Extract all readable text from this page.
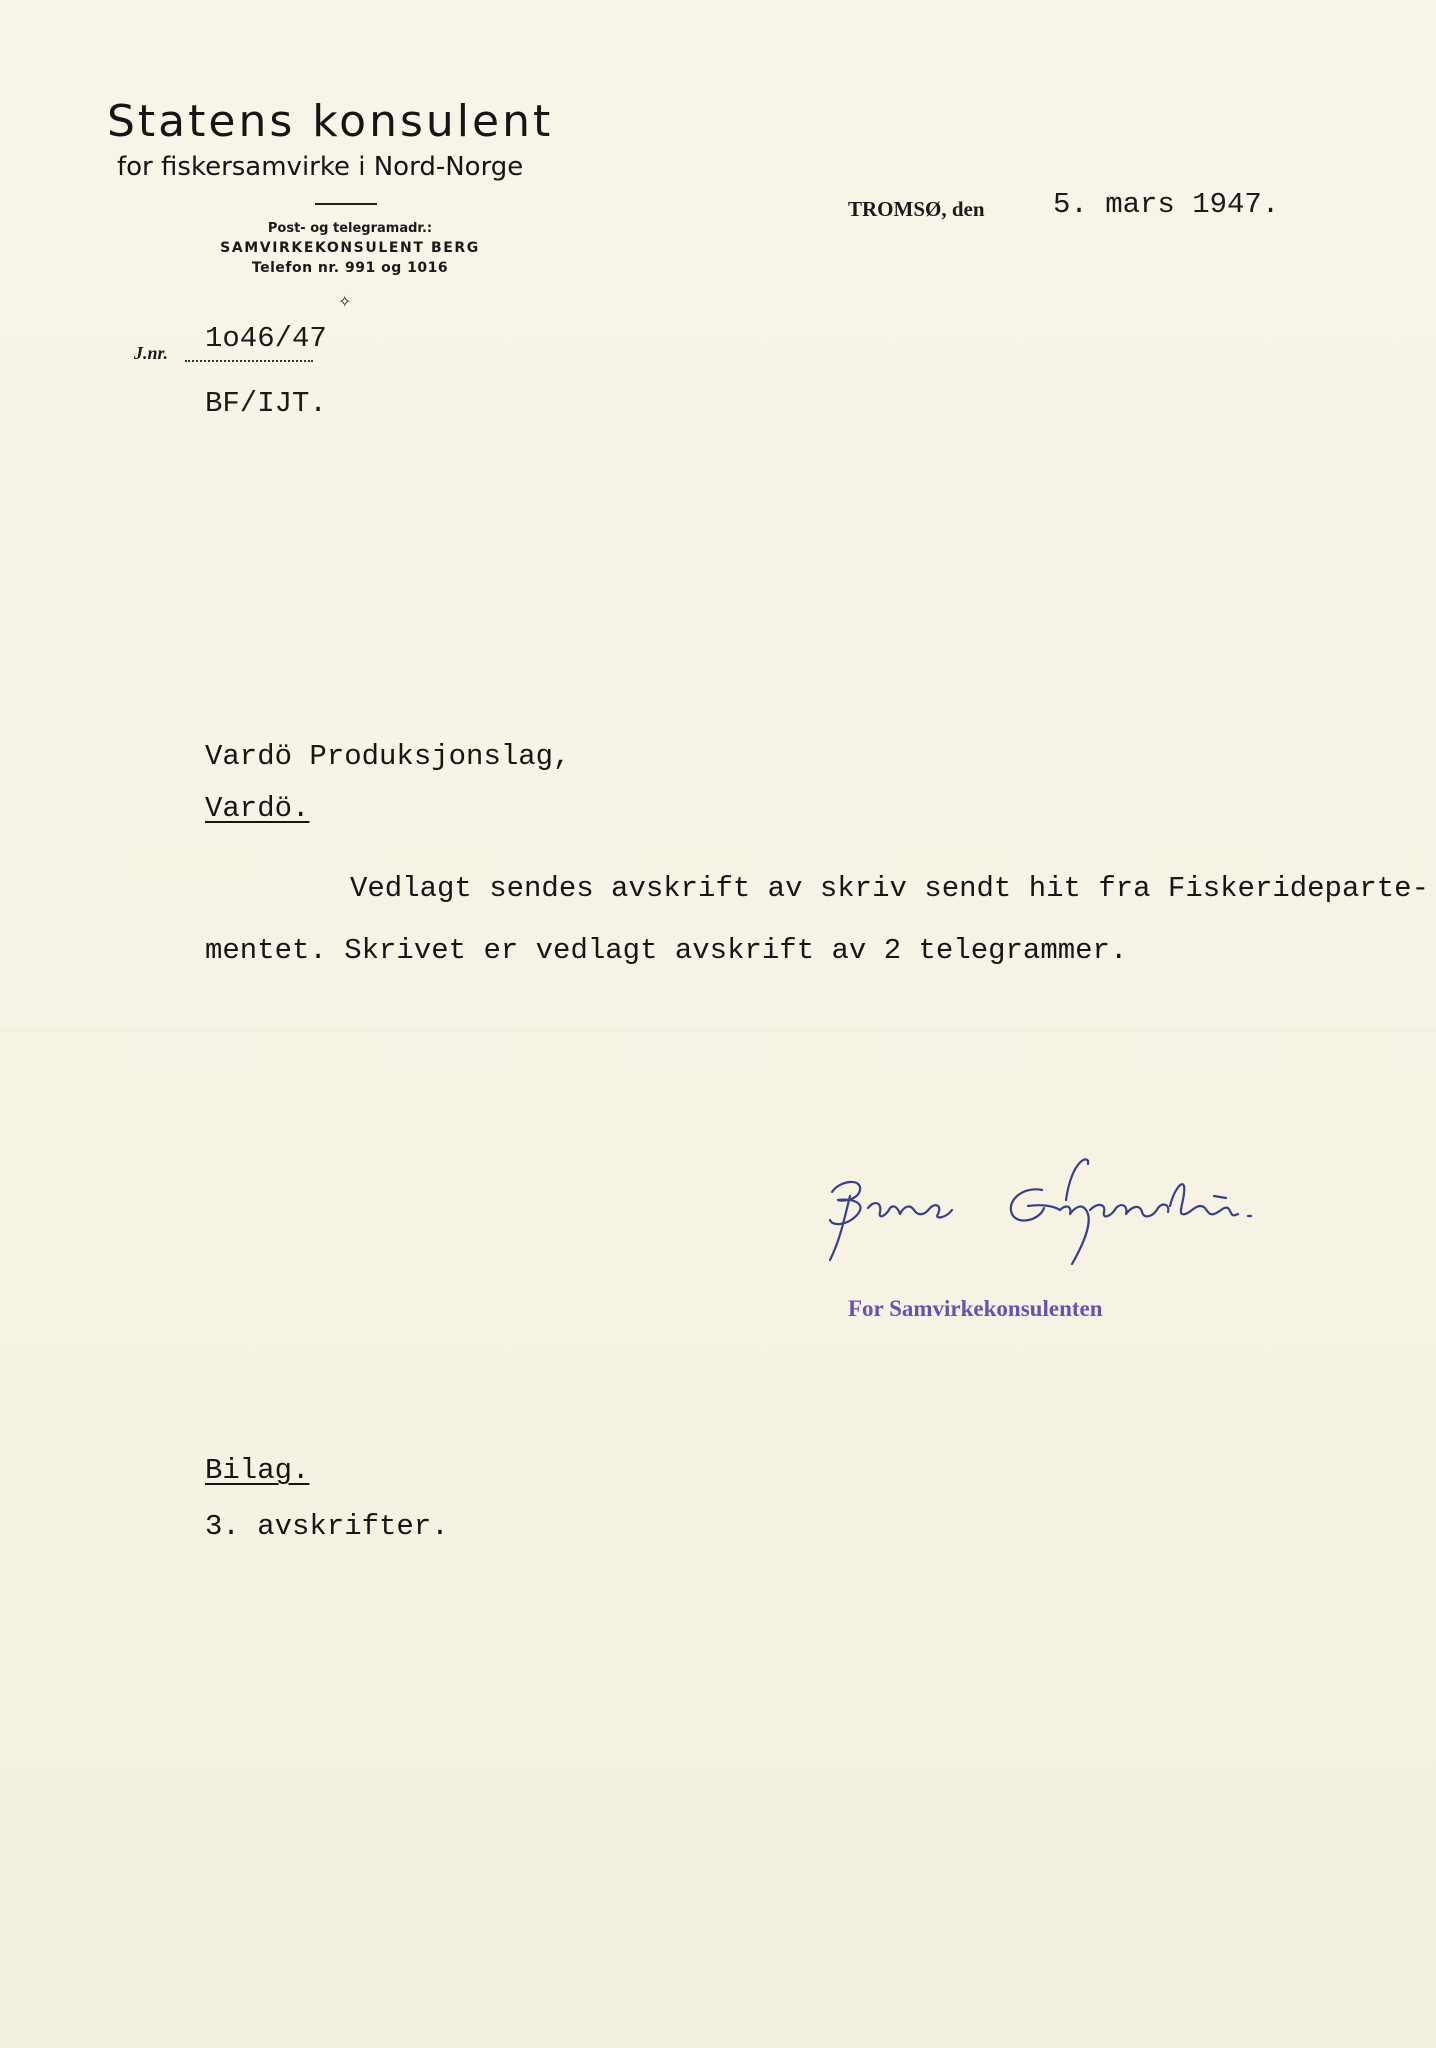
Statens konsulent
for fiskersamvirke i Nord-Norge
Post- og telegramadr.:
SAMVIRKEKONSULENT BERG
Telefon nr. 991 og 1016
✧
TROMSØ, den 5. mars 1947.
J.nr. 1o46/47
BF/IJT.
Vardö Produksjonslag,
Vardö.
Vedlagt sendes avskrift av skriv sendt hit fra Fiskerideparte-
mentet. Skrivet er vedlagt avskrift av 2 telegrammer.
For Samvirkekonsulenten
Bilag.
3. avskrifter.
